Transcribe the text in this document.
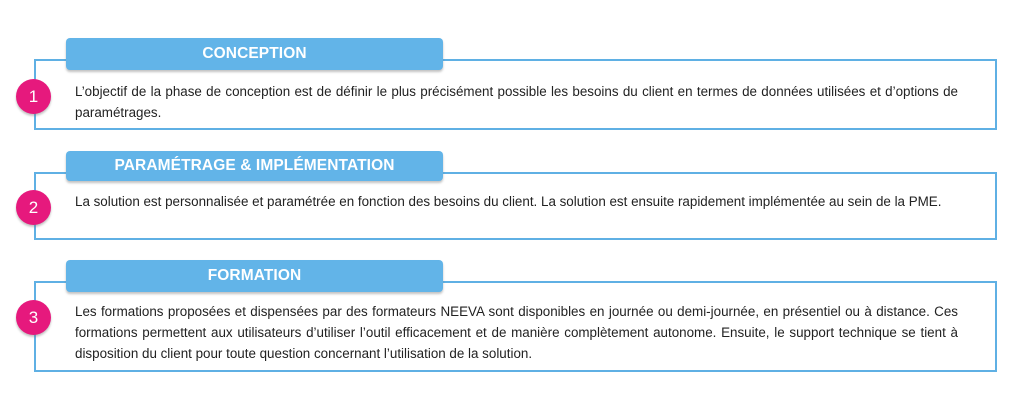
CONCEPTION
1	L’objectif de la phase de conception est de définir le plus précisément possible les besoins du client en termes de données utilisées et d’options de paramétrages.

PARAMÉTRAGE & IMPLÉMENTATION
2	La solution est personnalisée et paramétrée en fonction des besoins du client. La solution est ensuite rapidement implémentée au sein de la PME.

FORMATION
3	Les formations proposées et dispensées par des formateurs NEEVA sont disponibles en journée ou demi-journée, en présentiel ou à distance. Ces formations permettent aux utilisateurs d’utiliser l’outil efficacement et de manière complètement autonome. Ensuite, le support technique se tient à disposition du client pour toute question concernant l’utilisation de la solution.
